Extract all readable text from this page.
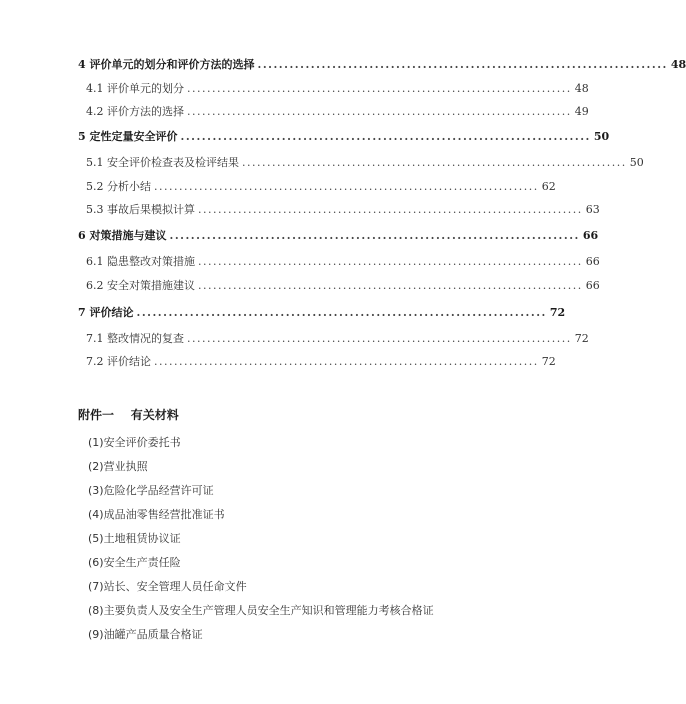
4 评价单元的划分和评价方法的选择 ............................................................................. 48
4.1 评价单元的划分 ............................................................................. 48
4.2 评价方法的选择 ............................................................................. 49
5 定性定量安全评价 ............................................................................. 50
5.1 安全评价检查表及检评结果 ............................................................................. 50
5.2 分析小结 ............................................................................. 62
5.3 事故后果模拟计算 ............................................................................. 63
6 对策措施与建议 ............................................................................. 66
6.1 隐患整改对策措施 ............................................................................. 66
6.2 安全对策措施建议 ............................................................................. 66
7 评价结论 ............................................................................. 72
7.1 整改情况的复查 ............................................................................. 72
7.2 评价结论 ............................................................................. 72
附件一    有关材料
(1)安全评价委托书
(2)营业执照
(3)危险化学品经营许可证
(4)成品油零售经营批准证书
(5)土地租赁协议证
(6)安全生产责任险
(7)站长、安全管理人员任命文件
(8)主要负责人及安全生产管理人员安全生产知识和管理能力考核合格证
(9)油罐产品质量合格证
